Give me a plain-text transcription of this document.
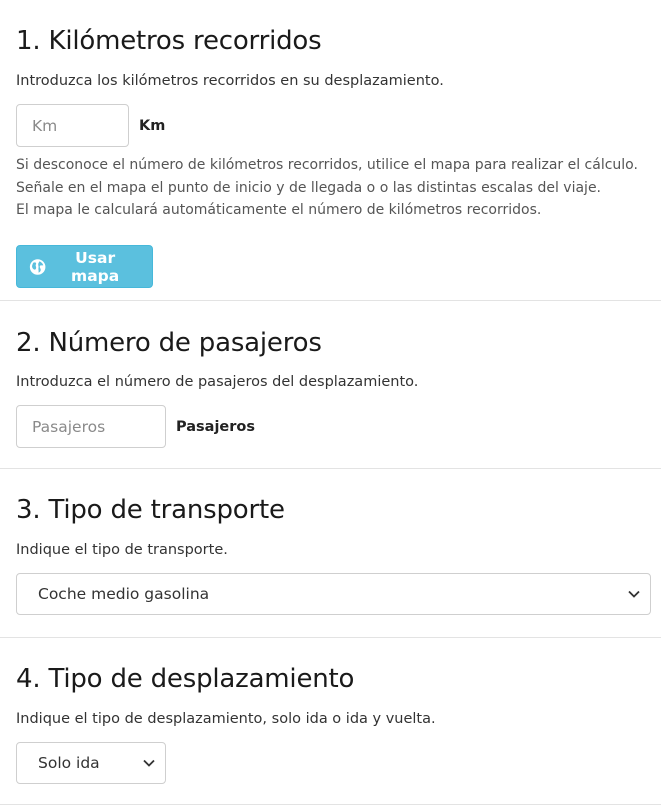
1. Kilómetros recorridos

Introduzca los kilómetros recorridos en su desplazamiento.

Km
Km

Si desconoce el número de kilómetros recorridos, utilice el mapa para realizar el cálculo.

Señale en el mapa el punto de inicio y de llegada o o las distintas escalas del viaje.

El mapa le calculará automáticamente el número de kilómetros recorridos.

Usar mapa
2. Número de pasajeros

Introduzca el número de pasajeros del desplazamiento.

Pasajeros
Pasajeros
3. Tipo de transporte

Indique el tipo de transporte.

Coche medio gasolina
4. Tipo de desplazamiento

Indique el tipo de desplazamiento, solo ida o ida y vuelta.

Solo ida
